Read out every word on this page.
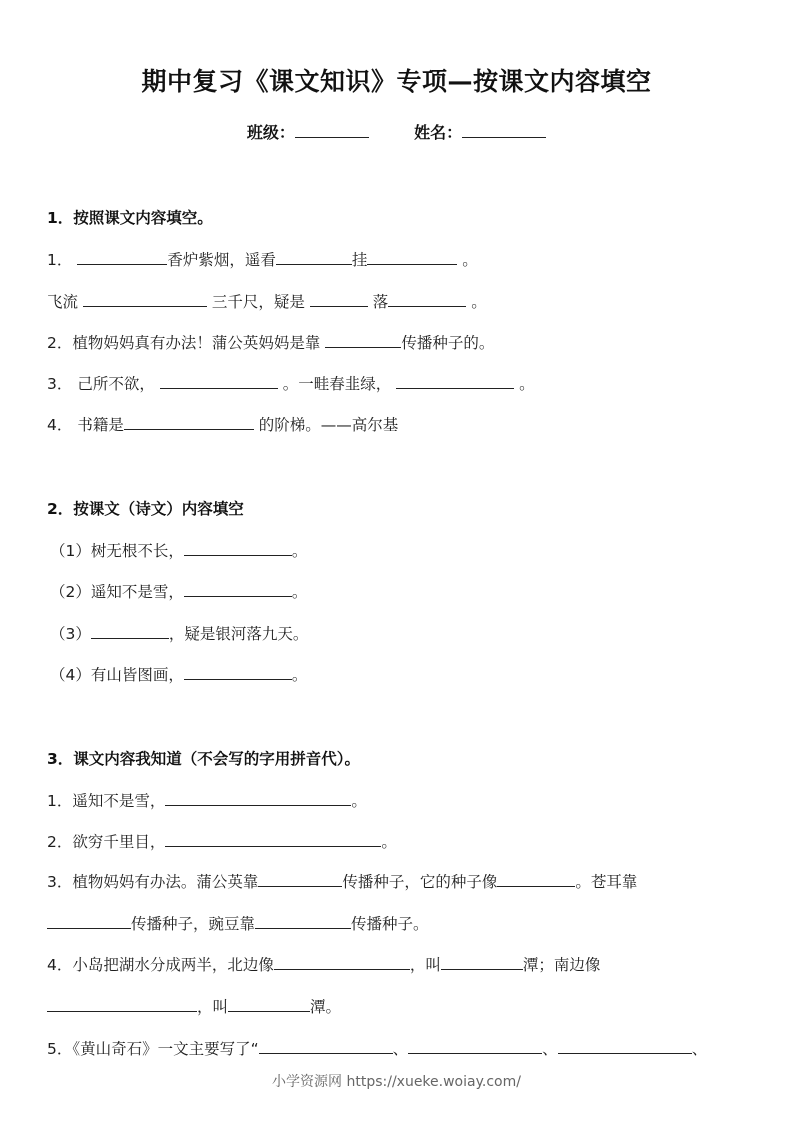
期中复习《课文知识》专项—按课文内容填空
班级：	姓名：
1．按照课文内容填空。
1．	香炉紫烟，遥看	挂	。
飞流	三千尺，疑是	落	。
2．植物妈妈真有办法！蒲公英妈妈是靠	传播种子的。
3． 己所不欲，	。一畦春韭绿，	。
4． 书籍是	的阶梯。——高尔基
2．按课文（诗文）内容填空
（1）树无根不长，	。
（2）遥知不是雪，	。
（3）	，疑是银河落九天。
（4）有山皆图画，	。
3．课文内容我知道（不会写的字用拼音代）。
1．遥知不是雪，	。
2．欲穷千里目，	。
3．植物妈妈有办法。蒲公英靠	传播种子，它的种子像	。苍耳靠
传播种子，豌豆靠	传播种子。
4．小岛把湖水分成两半，北边像	，叫	潭；南边像
，叫	潭。
5．《黄山奇石》一文主要写了“	、	、	、
小学资源网 https://xueke.woiay.com/
